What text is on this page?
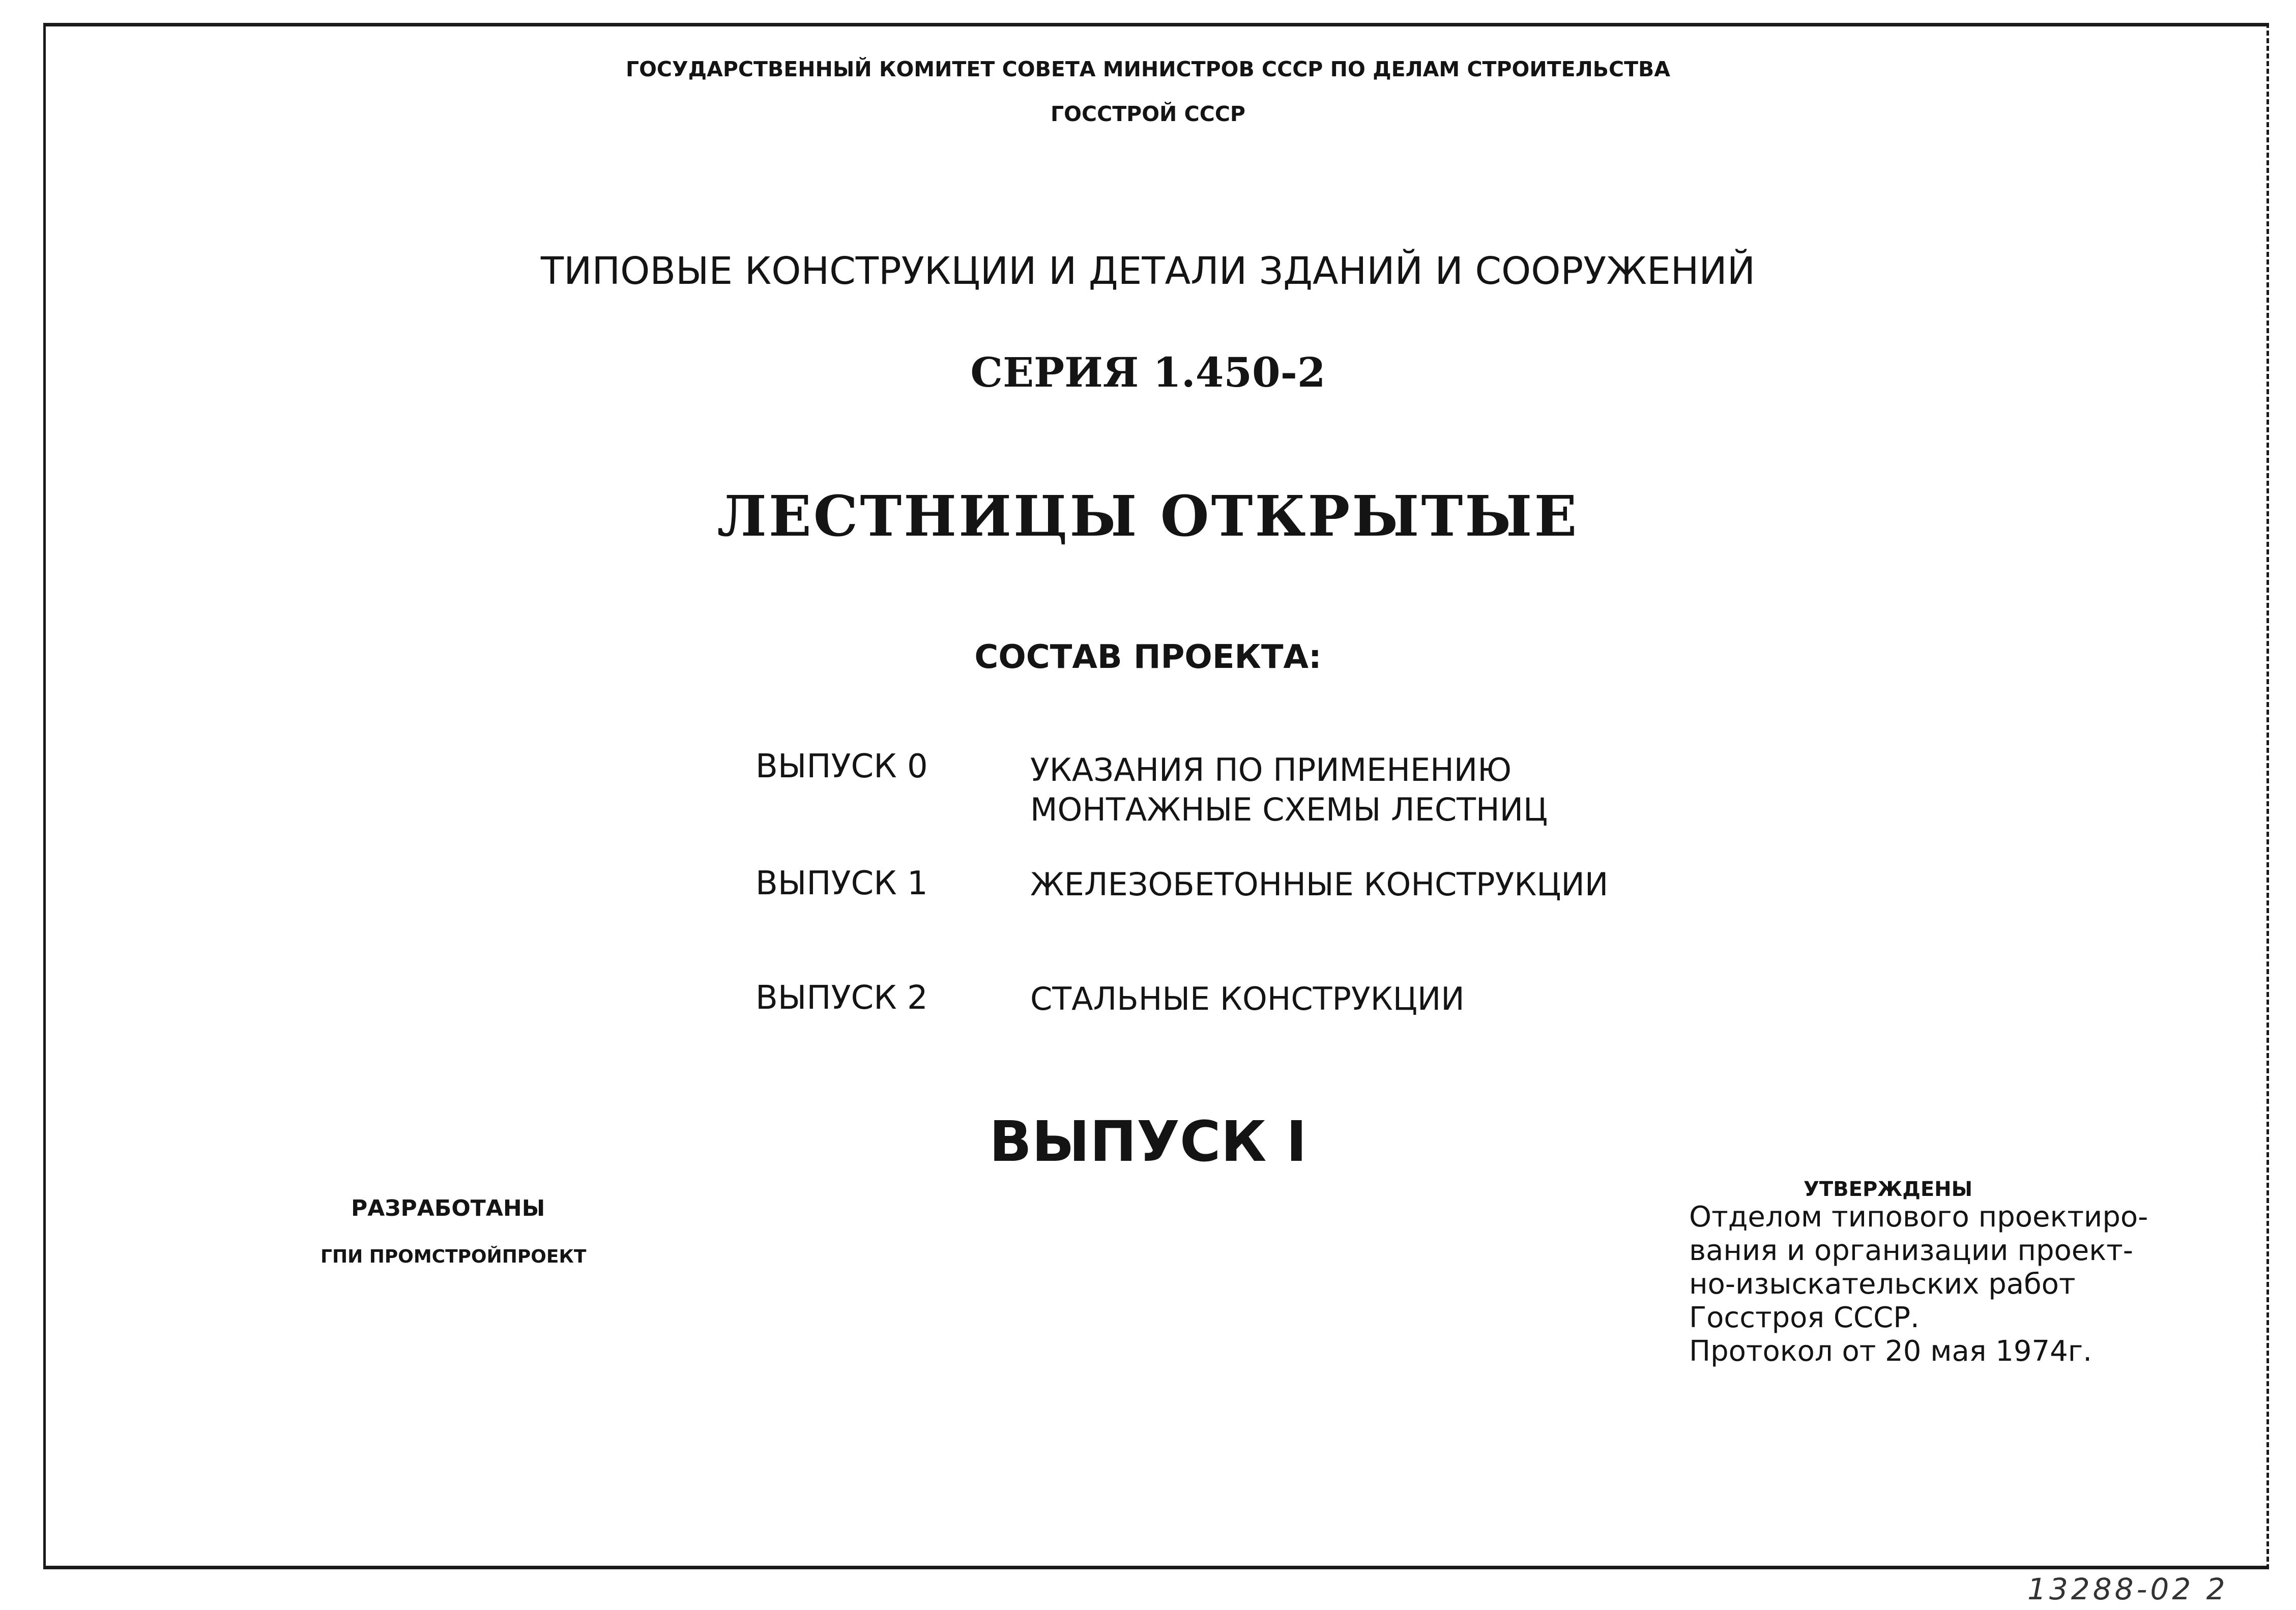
ГОСУДАРСТВЕННЫЙ КОМИТЕТ СОВЕТА МИНИСТРОВ СССР ПО ДЕЛАМ СТРОИТЕЛЬСТВА
ГОССТРОЙ СССР
ТИПОВЫЕ КОНСТРУКЦИИ И ДЕТАЛИ ЗДАНИЙ И СООРУЖЕНИЙ
СЕРИЯ 1.450-2
ЛЕСТНИЦЫ ОТКРЫТЫЕ
СОСТАВ ПРОЕКТА:
ВЫПУСК 0	УКАЗАНИЯ ПО ПРИМЕНЕНИЮ
МОНТАЖНЫЕ СХЕМЫ ЛЕСТНИЦ
ВЫПУСК 1	ЖЕЛЕЗОБЕТОННЫЕ КОНСТРУКЦИИ
ВЫПУСК 2	СТАЛЬНЫЕ КОНСТРУКЦИИ
ВЫПУСК I
РАЗРАБОТАНЫ
ГПИ ПРОМСТРОЙПРОЕКТ
УТВЕРЖДЕНЫ
Отделом типового проектиро-
вания и организации проект-
но-изыскательских работ
Госстроя СССР.
Протокол от 20 мая 1974г.
13288-02 2
